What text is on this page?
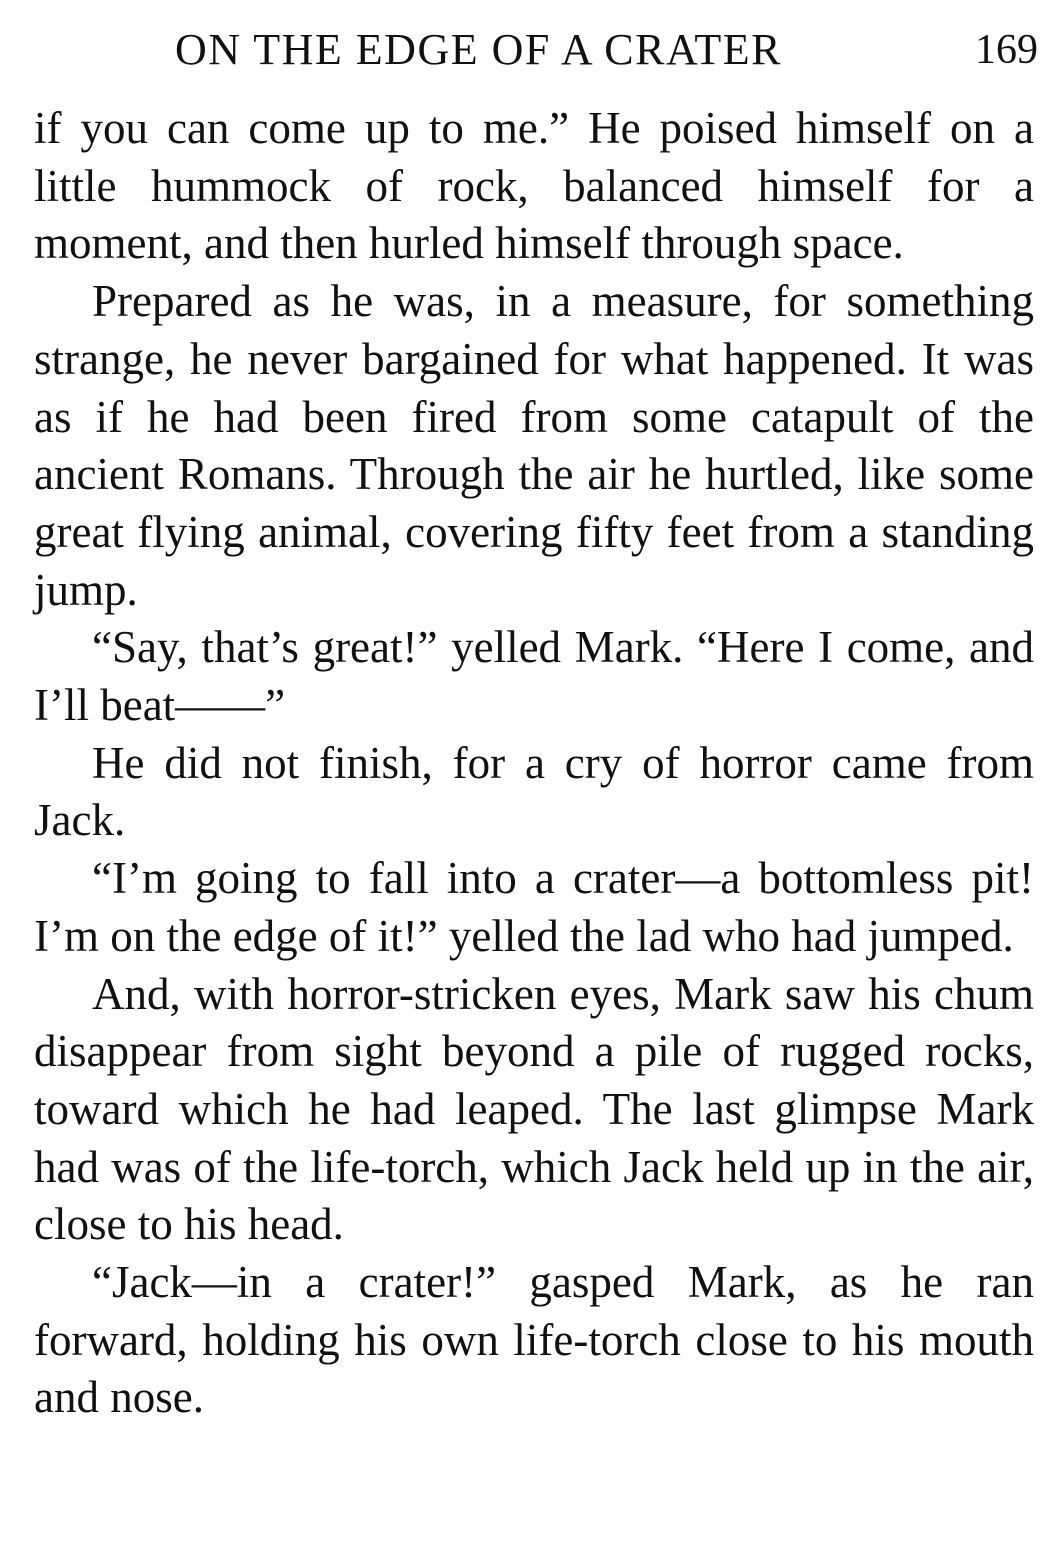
ON THE EDGE OF A CRATER	169

if you can come up to me.” He poised himself on a little hummock of rock, balanced himself for a moment, and then hurled himself through space.

Prepared as he was, in a measure, for something strange, he never bargained for what happened. It was as if he had been fired from some catapult of the ancient Romans. Through the air he hurtled, like some great flying animal, covering fifty feet from a standing jump.

“Say, that’s great!” yelled Mark. “Here I come, and I’ll beat——”

He did not finish, for a cry of horror came from Jack.

“I’m going to fall into a crater—a bottomless pit! I’m on the edge of it!” yelled the lad who had jumped.

And, with horror-stricken eyes, Mark saw his chum disappear from sight beyond a pile of rugged rocks, toward which he had leaped. The last glimpse Mark had was of the life-torch, which Jack held up in the air, close to his head.

“Jack—in a crater!” gasped Mark, as he ran forward, holding his own life-torch close to his mouth and nose.
